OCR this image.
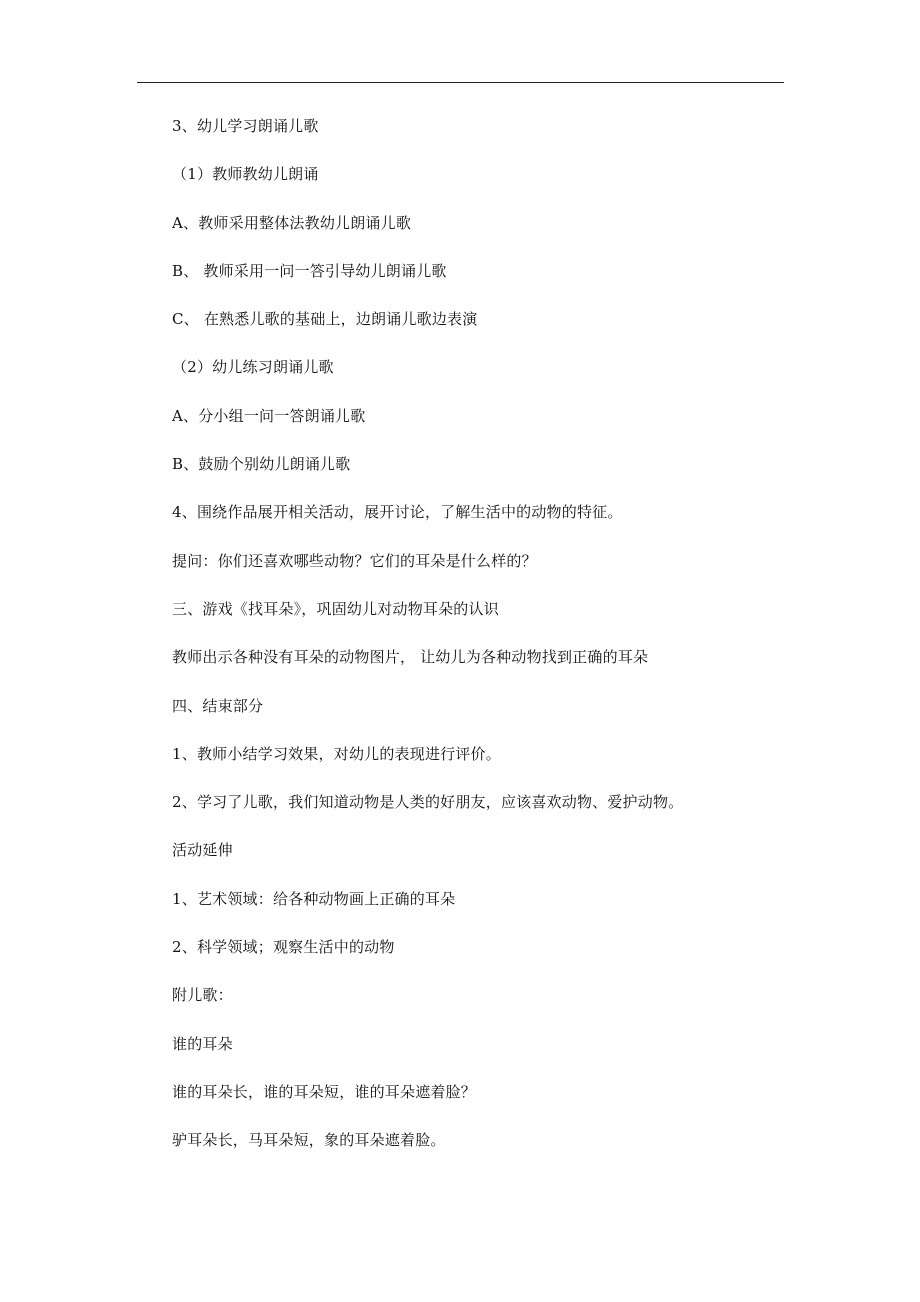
3、幼儿学习朗诵儿歌
（1）教师教幼儿朗诵
A、教师采用整体法教幼儿朗诵儿歌
B、 教师采用一问一答引导幼儿朗诵儿歌
C、 在熟悉儿歌的基础上，边朗诵儿歌边表演
（2）幼儿练习朗诵儿歌
A、分小组一问一答朗诵儿歌
B、鼓励个别幼儿朗诵儿歌
4、围绕作品展开相关活动，展开讨论，了解生活中的动物的特征。
提问：你们还喜欢哪些动物？它们的耳朵是什么样的？
三、游戏《找耳朵》，巩固幼儿对动物耳朵的认识
教师出示各种没有耳朵的动物图片， 让幼儿为各种动物找到正确的耳朵
四、结束部分
1、教师小结学习效果，对幼儿的表现进行评价。
2、学习了儿歌，我们知道动物是人类的好朋友，应该喜欢动物、爱护动物。
活动延伸
1、艺术领域：给各种动物画上正确的耳朵
2、科学领域；观察生活中的动物
附儿歌：
谁的耳朵
谁的耳朵长，谁的耳朵短，谁的耳朵遮着脸？
驴耳朵长，马耳朵短，象的耳朵遮着脸。
